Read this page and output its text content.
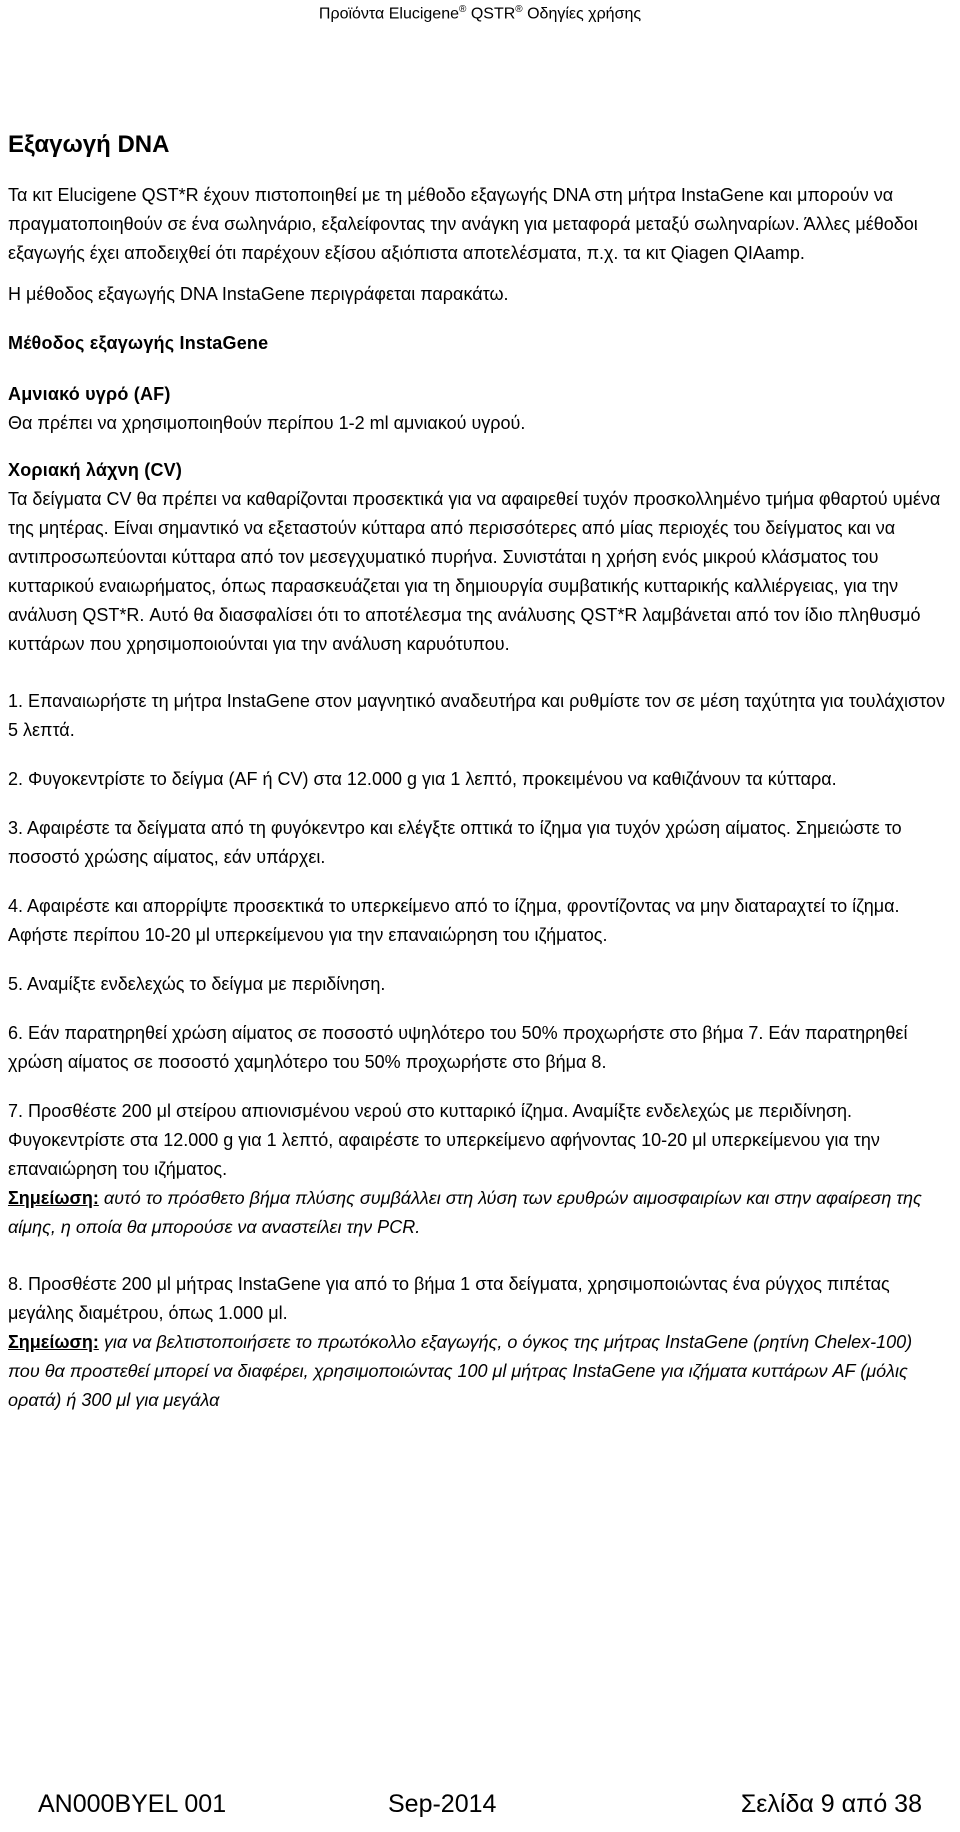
Προϊόντα Elucigene® QSTR® Οδηγίες χρήσης
Εξαγωγή DNA

Τα κιτ Elucigene QST*R έχουν πιστοποιηθεί με τη μέθοδο εξαγωγής DNA στη μήτρα InstaGene και μπορούν να πραγματοποιηθούν σε ένα σωληνάριο, εξαλείφοντας την ανάγκη για μεταφορά μεταξύ σωληναρίων. Άλλες μέθοδοι εξαγωγής έχει αποδειχθεί ότι παρέχουν εξίσου αξιόπιστα αποτελέσματα, π.χ. τα κιτ Qiagen QIAamp.

Η μέθοδος εξαγωγής DNA InstaGene περιγράφεται παρακάτω.

Μέθοδος εξαγωγής InstaGene
Αμνιακό υγρό (AF)

Θα πρέπει να χρησιμοποιηθούν περίπου 1-2 ml αμνιακού υγρού.

Χοριακή λάχνη (CV)

Τα δείγματα CV θα πρέπει να καθαρίζονται προσεκτικά για να αφαιρεθεί τυχόν προσκολλημένο τμήμα φθαρτού υμένα της μητέρας. Είναι σημαντικό να εξεταστούν κύτταρα από περισσότερες από μίας περιοχές του δείγματος και να αντιπροσωπεύονται κύτταρα από τον μεσεγχυματικό πυρήνα. Συνιστάται η χρήση ενός μικρού κλάσματος του κυτταρικού εναιωρήματος, όπως παρασκευάζεται για τη δημιουργία συμβατικής κυτταρικής καλλιέργειας, για την ανάλυση QST*R. Αυτό θα διασφαλίσει ότι το αποτέλεσμα της ανάλυσης QST*R λαμβάνεται από τον ίδιο πληθυσμό κυττάρων που χρησιμοποιούνται για την ανάλυση καρυότυπου.

1. Επαναιωρήστε τη μήτρα InstaGene στον μαγνητικό αναδευτήρα και ρυθμίστε τον σε μέση ταχύτητα για τουλάχιστον 5 λεπτά.

2. Φυγοκεντρίστε το δείγμα (AF ή CV) στα 12.000 g για 1 λεπτό, προκειμένου να καθιζάνουν τα κύτταρα.

3. Αφαιρέστε τα δείγματα από τη φυγόκεντρο και ελέγξτε οπτικά το ίζημα για τυχόν χρώση αίματος. Σημειώστε το ποσοστό χρώσης αίματος, εάν υπάρχει.

4. Αφαιρέστε και απορρίψτε προσεκτικά το υπερκείμενο από το ίζημα, φροντίζοντας να μην διαταραχτεί το ίζημα. Αφήστε περίπου 10-20 μl υπερκείμενου για την επαναιώρηση του ιζήματος.

5. Αναμίξτε ενδελεχώς το δείγμα με περιδίνηση.

6. Εάν παρατηρηθεί χρώση αίματος σε ποσοστό υψηλότερο του 50% προχωρήστε στο βήμα 7. Εάν παρατηρηθεί χρώση αίματος σε ποσοστό χαμηλότερο του 50% προχωρήστε στο βήμα 8.

7. Προσθέστε 200 μl στείρου απιονισμένου νερού στο κυτταρικό ίζημα. Αναμίξτε ενδελεχώς με περιδίνηση. Φυγοκεντρίστε στα 12.000 g για 1 λεπτό, αφαιρέστε το υπερκείμενο αφήνοντας 10-20 μl υπερκείμενου για την επαναιώρηση του ιζήματος.
Σημείωση: αυτό το πρόσθετο βήμα πλύσης συμβάλλει στη λύση των ερυθρών αιμοσφαιρίων και στην αφαίρεση της αίμης, η οποία θα μπορούσε να αναστείλει την PCR.
8. Προσθέστε 200 μl μήτρας InstaGene για από το βήμα 1 στα δείγματα, χρησιμοποιώντας ένα ρύγχος πιπέτας μεγάλης διαμέτρου, όπως 1.000 μl.
Σημείωση: για να βελτιστοποιήσετε το πρωτόκολλο εξαγωγής, ο όγκος της μήτρας InstaGene (ρητίνη Chelex-100) που θα προστεθεί μπορεί να διαφέρει, χρησιμοποιώντας 100 μl μήτρας InstaGene για ιζήματα κυττάρων AF (μόλις ορατά) ή 300 μl για μεγάλα
AN000BYEL 001	Sep-2014	Σελίδα 9 από 38
